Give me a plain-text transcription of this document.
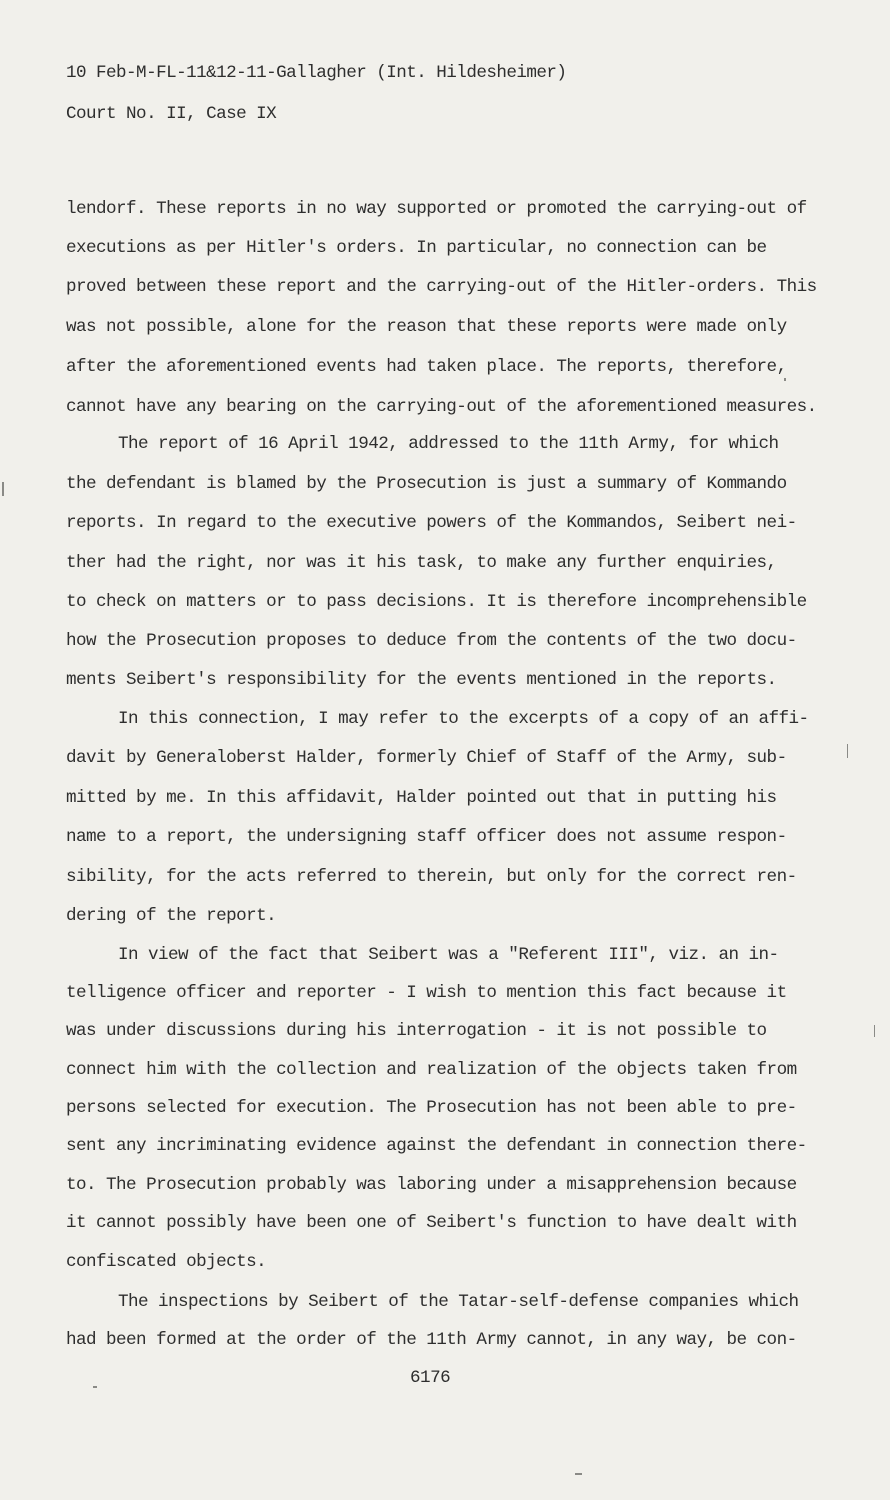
10 Feb-M-FL-11&12-11-Gallagher (Int. Hildesheimer)
Court No. II, Case IX
lendorf. These reports in no way supported or promoted the carrying-out of
executions as per Hitler's orders. In particular, no connection can be
proved between these report and the carrying-out of the Hitler-orders. This
was not possible, alone for the reason that these reports were made only
after the aforementioned events had taken place. The reports, therefore,
cannot have any bearing on the carrying-out of the aforementioned measures.
The report of 16 April 1942, addressed to the 11th Army, for which
the defendant is blamed by the Prosecution is just a summary of Kommando
reports. In regard to the executive powers of the Kommandos, Seibert nei-
ther had the right, nor was it his task, to make any further enquiries,
to check on matters or to pass decisions. It is therefore incomprehensible
how the Prosecution proposes to deduce from the contents of the two docu-
ments Seibert's responsibility for the events mentioned in the reports.
In this connection, I may refer to the excerpts of a copy of an affi-
davit by Generaloberst Halder, formerly Chief of Staff of the Army, sub-
mitted by me. In this affidavit, Halder pointed out that in putting his
name to a report, the undersigning staff officer does not assume respon-
sibility, for the acts referred to therein, but only for the correct ren-
dering of the report.
In view of the fact that Seibert was a "Referent III", viz. an in-
telligence officer and reporter - I wish to mention this fact because it
was under discussions during his interrogation - it is not possible to
connect him with the collection and realization of the objects taken from
persons selected for execution. The Prosecution has not been able to pre-
sent any incriminating evidence against the defendant in connection there-
to. The Prosecution probably was laboring under a misapprehension because
it cannot possibly have been one of Seibert's function to have dealt with
confiscated objects.
The inspections by Seibert of the Tatar-self-defense companies which
had been formed at the order of the 11th Army cannot, in any way, be con-
6176
